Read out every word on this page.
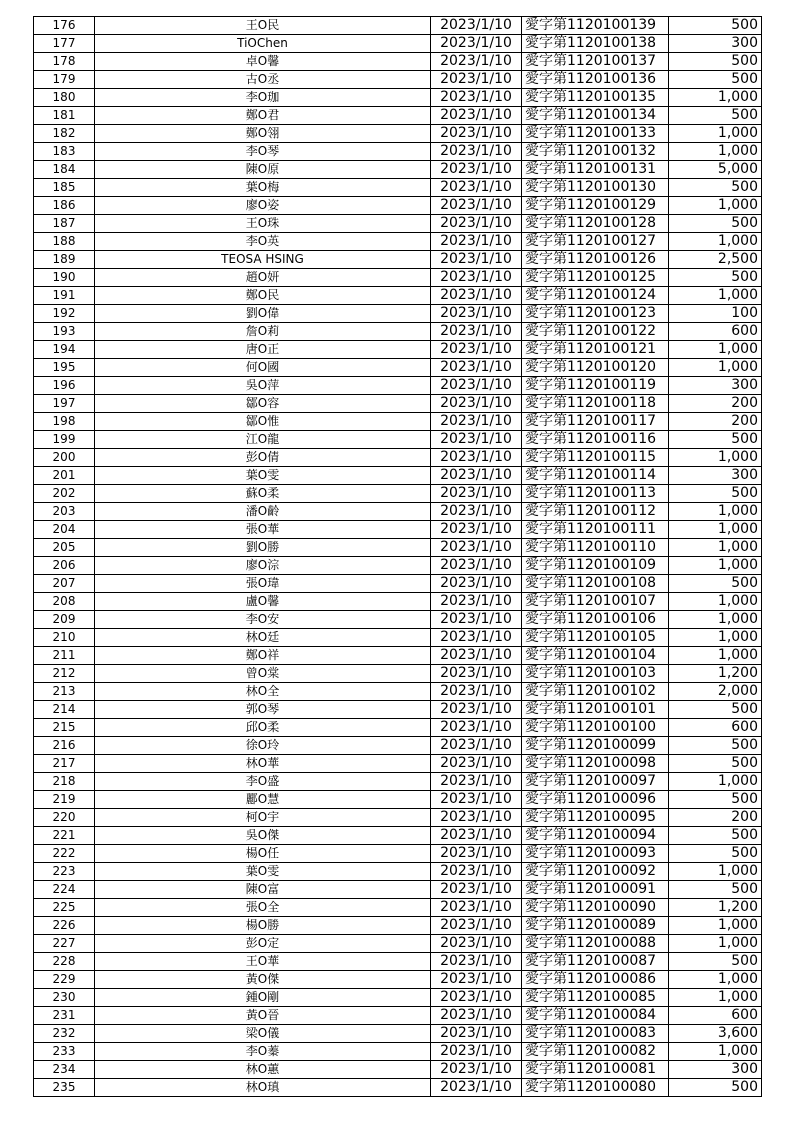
176	王O民	2023/1/10	愛字第1120100139	500
177	TiOChen	2023/1/10	愛字第1120100138	300
178	卓O馨	2023/1/10	愛字第1120100137	500
179	古O丞	2023/1/10	愛字第1120100136	500
180	李O珈	2023/1/10	愛字第1120100135	1,000
181	鄭O君	2023/1/10	愛字第1120100134	500
182	鄭O翎	2023/1/10	愛字第1120100133	1,000
183	李O琴	2023/1/10	愛字第1120100132	1,000
184	陳O原	2023/1/10	愛字第1120100131	5,000
185	葉O梅	2023/1/10	愛字第1120100130	500
186	廖O姿	2023/1/10	愛字第1120100129	1,000
187	王O珠	2023/1/10	愛字第1120100128	500
188	李O英	2023/1/10	愛字第1120100127	1,000
189	TEOSA HSING	2023/1/10	愛字第1120100126	2,500
190	趙O妍	2023/1/10	愛字第1120100125	500
191	鄭O民	2023/1/10	愛字第1120100124	1,000
192	劉O偉	2023/1/10	愛字第1120100123	100
193	詹O莉	2023/1/10	愛字第1120100122	600
194	唐O正	2023/1/10	愛字第1120100121	1,000
195	何O國	2023/1/10	愛字第1120100120	1,000
196	吳O萍	2023/1/10	愛字第1120100119	300
197	鄒O容	2023/1/10	愛字第1120100118	200
198	鄒O惟	2023/1/10	愛字第1120100117	200
199	江O龍	2023/1/10	愛字第1120100116	500
200	彭O倩	2023/1/10	愛字第1120100115	1,000
201	葉O雯	2023/1/10	愛字第1120100114	300
202	蘇O柔	2023/1/10	愛字第1120100113	500
203	潘O齡	2023/1/10	愛字第1120100112	1,000
204	張O華	2023/1/10	愛字第1120100111	1,000
205	劉O勝	2023/1/10	愛字第1120100110	1,000
206	廖O淙	2023/1/10	愛字第1120100109	1,000
207	張O瑋	2023/1/10	愛字第1120100108	500
208	盧O馨	2023/1/10	愛字第1120100107	1,000
209	李O安	2023/1/10	愛字第1120100106	1,000
210	林O廷	2023/1/10	愛字第1120100105	1,000
211	鄭O祥	2023/1/10	愛字第1120100104	1,000
212	曾O棠	2023/1/10	愛字第1120100103	1,200
213	林O全	2023/1/10	愛字第1120100102	2,000
214	郭O琴	2023/1/10	愛字第1120100101	500
215	邱O柔	2023/1/10	愛字第1120100100	600
216	徐O玲	2023/1/10	愛字第1120100099	500
217	林O華	2023/1/10	愛字第1120100098	500
218	李O盛	2023/1/10	愛字第1120100097	1,000
219	酈O慧	2023/1/10	愛字第1120100096	500
220	柯O宇	2023/1/10	愛字第1120100095	200
221	吳O傑	2023/1/10	愛字第1120100094	500
222	楊O任	2023/1/10	愛字第1120100093	500
223	葉O雯	2023/1/10	愛字第1120100092	1,000
224	陳O富	2023/1/10	愛字第1120100091	500
225	張O全	2023/1/10	愛字第1120100090	1,200
226	楊O勝	2023/1/10	愛字第1120100089	1,000
227	彭O定	2023/1/10	愛字第1120100088	1,000
228	王O華	2023/1/10	愛字第1120100087	500
229	黃O傑	2023/1/10	愛字第1120100086	1,000
230	鍾O剛	2023/1/10	愛字第1120100085	1,000
231	黃O晉	2023/1/10	愛字第1120100084	600
232	梁O儀	2023/1/10	愛字第1120100083	3,600
233	李O蓁	2023/1/10	愛字第1120100082	1,000
234	林O蕙	2023/1/10	愛字第1120100081	300
235	林O瑱	2023/1/10	愛字第1120100080	500
